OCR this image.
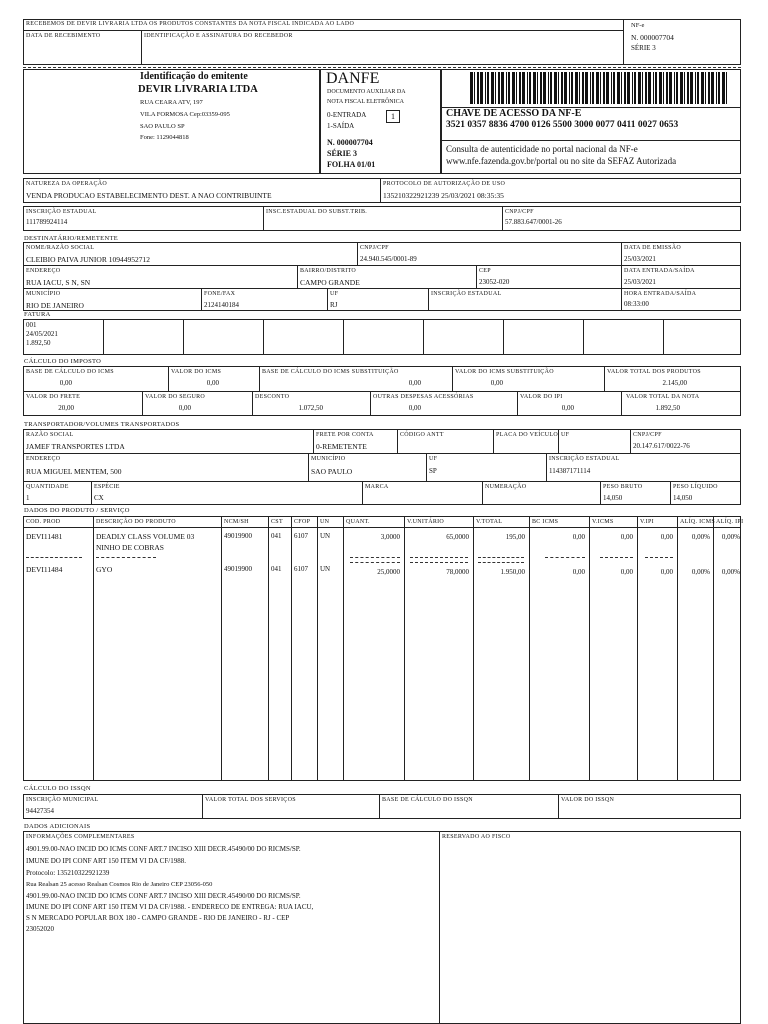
RECEBEMOS DE DEVIR LIVRARIA LTDA OS PRODUTOS CONSTANTES DA NOTA FISCAL INDICADA AO LADO
DATA DE RECEBIMENTO	IDENTIFICAÇÃO E ASSINATURA DO RECEBEDOR
NF-e
N. 000007704
SÉRIE 3
Identificação do emitente
DEVIR LIVRARIA LTDA
RUA CEARA ATV, 197
VILA FORMOSA Cep:03359-095
SAO PAULO SP
Fone: 1129044818
DANFE
DOCUMENTO AUXILIAR DA
NOTA FISCAL ELETRÔNICA
0-ENTRADA
1-SAÍDA
1
N. 000007704
SÉRIE 3
FOLHA 01/01
CHAVE DE ACESSO DA NF-E
3521 0357 8836 4700 0126 5500 3000 0077 0411 0027 0653
Consulta de autenticidade no portal nacional da NF-e
www.nfe.fazenda.gov.br/portal ou no site da SEFAZ Autorizada
NATUREZA DA OPERAÇÃO
VENDA PRODUCAO ESTABELECIMENTO DEST. A NAO CONTRIBUINTE
PROTOCOLO DE AUTORIZAÇÃO DE USO
135210322921239 25/03/2021 08:35:35
INSCRIÇÃO ESTADUAL
111789924114
INSC.ESTADUAL DO SUBST.TRIB.	CNPJ/CPF
57.883.647/0001-26
DESTINATÁRIO/REMETENTE
NOME/RAZÃO SOCIAL
CLEIBIO PAIVA JUNIOR 10944952712
CNPJ/CPF
24.940.545/0001-89
DATA DE EMISSÃO
25/03/2021
ENDEREÇO
RUA IACU, S N, SN
BAIRRO/DISTRITO
CAMPO GRANDE
CEP
23052-020
DATA ENTRADA/SAÍDA
25/03/2021
MUNICÍPIO
RIO DE JANEIRO
FONE/FAX
2124140184
UF
RJ
INSCRIÇÃO ESTADUAL	HORA ENTRADA/SAÍDA
08:33:00
FATURA
001
24/05/2021
1.892,50
CÁLCULO DO IMPOSTO
BASE DE CÁLCULO DO ICMS
0,00
VALOR DO ICMS
0,00
BASE DE CÁLCULO DO ICMS SUBSTITUIÇÃO
0,00
VALOR DO ICMS SUBSTITUIÇÃO
0,00
VALOR TOTAL DOS PRODUTOS
2.145,00
VALOR DO FRETE
20,00
VALOR DO SEGURO
0,00
DESCONTO
1.072,50
OUTRAS DESPESAS ACESSÓRIAS
0,00
VALOR DO IPI
0,00
VALOR TOTAL DA NOTA
1.892,50
TRANSPORTADOR/VOLUMES TRANSPORTADOS
RAZÃO SOCIAL
JAMEF TRANSPORTES LTDA
FRETE POR CONTA
0-REMETENTE
CÓDIGO ANTT	PLACA DO VEÍCULO UF	CNPJ/CPF
20.147.617/0022-76
ENDEREÇO
RUA MIGUEL MENTEM, 500
MUNICÍPIO
SAO PAULO
UF
SP
INSCRIÇÃO ESTADUAL
114387171114
QUANTIDADE
1
ESPÉCIE
CX
MARCA	NUMERAÇÃO	PESO BRUTO
14,050
PESO LÍQUIDO
14,050
DADOS DO PRODUTO / SERVIÇO
COD. PROD	DESCRIÇÃO DO PRODUTO	NCM/SH	CST CFOP UN	QUANT.	V.UNITÁRIO	V.TOTAL	BC ICMS	V.ICMS	V.IPI	ALÍQ. ICMS ALÍQ. IPI
DEVI11481	DEADLY CLASS VOLUME 03
NINHO DE COBRAS
49019900	041 6107 UN	3,0000	65,0000	195,00	0,00	0,00	0,00	0,00%	0,00%
DEVI11484	GYO	49019900	041 6107 UN	25,0000	78,0000	1.950,00	0,00	0,00	0,00	0,00%	0,00%
CÁLCULO DO ISSQN
INSCRIÇÃO MUNICIPAL
94427354
VALOR TOTAL DOS SERVIÇOS	BASE DE CÁLCULO DO ISSQN	VALOR DO ISSQN
DADOS ADICIONAIS
INFORMAÇÕES COMPLEMENTARES	RESERVADO AO FISCO
4901.99.00-NAO INCID DO ICMS CONF ART.7 INCISO XIII DECR.45490/00 DO RICMS/SP.
IMUNE DO IPI CONF ART 150 ITEM VI DA CF/1988.
Protocolo: 135210322921239
Rua Realsan 25 acesso Realsan Cosmos Rio de Janeiro CEP 23056-050
4901.99.00-NAO INCID DO ICMS CONF ART.7 INCISO XIII DECR.45490/00 DO RICMS/SP.
IMUNE DO IPI CONF ART 150 ITEM VI DA CF/1988. - ENDERECO DE ENTREGA: RUA IACU,
S N MERCADO POPULAR BOX 180 - CAMPO GRANDE - RIO DE JANEIRO - RJ - CEP
23052020
